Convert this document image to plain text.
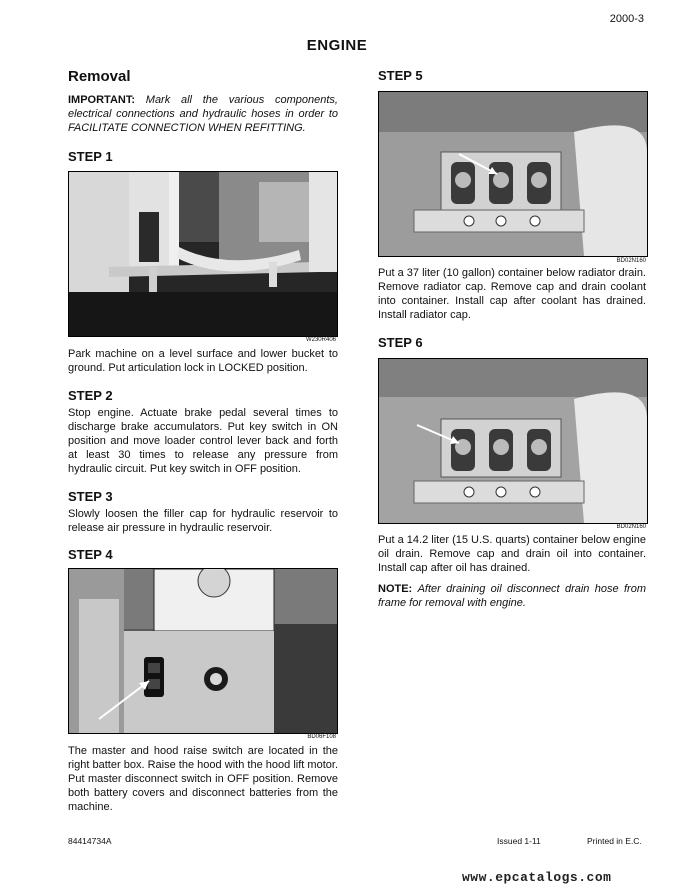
2000-3
ENGINE
Removal
IMPORTANT: Mark all the various components, electrical connections and hydraulic hoses in order to FACILITATE CONNECTION WHEN REFITTING.
STEP 1
W230R406
Park machine on a level surface and lower bucket to ground. Put articulation lock in LOCKED position.
STEP 2
Stop engine. Actuate brake pedal several times to discharge brake accumulators. Put key switch in ON position and move loader control lever back and forth at least 30 times to release any pressure from hydraulic circuit. Put key switch in OFF position.
STEP 3
Slowly loosen the filler cap for hydraulic reservoir to release air pressure in hydraulic reservoir.
STEP 4
BD06F108
The master and hood raise switch are located in the right batter box. Raise the hood with the hood lift motor. Put master disconnect switch in OFF position. Remove both battery covers and disconnect batteries from the machine.
STEP 5
BD02N160
Put a 37 liter (10 gallon) container below radiator drain. Remove radiator cap. Remove cap and drain coolant into container. Install cap after coolant has drained. Install radiator cap.
STEP 6
BD02N160
Put a 14.2 liter (15 U.S. quarts) container below engine oil drain. Remove cap and drain oil into container. Install cap after oil has drained.
NOTE: After draining oil disconnect drain hose from frame for removal with engine.
84414734A	Issued 1-11	Printed in E.C.
www.epcatalogs.com
